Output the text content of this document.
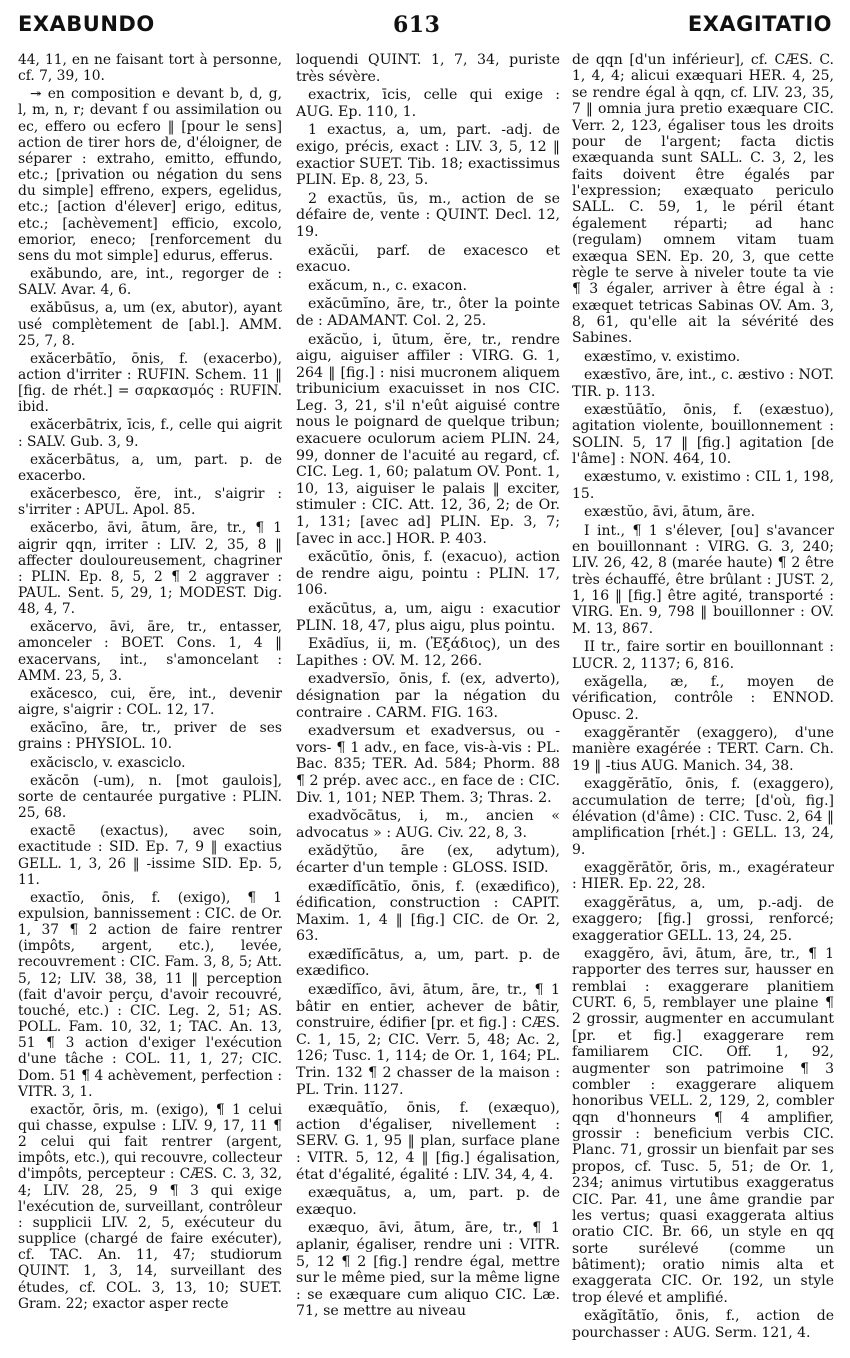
EXABUNDO	613	EXAGITATIO

44, 11, en ne faisant tort à personne, cf. 7, 39, 10.

↠ en composition e devant b, d, g, l, m, n, r; devant f ou assimilation ou ec, effero ou ecfero ‖ [pour le sens] action de tirer hors de, d'éloigner, de séparer : extraho, emitto, effundo, etc.; [privation ou négation du sens du simple] effreno, expers, egelidus, etc.; [action d'élever] erigo, editus, etc.; [achèvement] efficio, excolo, emorior, eneco; [renforcement du sens du mot simple] edurus, efferus.

exăbundo, are, int., regorger de : SALV. Avar. 4, 6.

exăbūsus, a, um (ex, abutor), ayant usé complètement de [abl.]. AMM. 25, 7, 8.

exăcerbātĭo, ōnis, f. (exacerbo), action d'irriter : RUFIN. Schem. 11 ‖ [fig. de rhét.] = σαρκασμός : RUFIN. ibid.

exăcerbātrix, īcis, f., celle qui aigrit : SALV. Gub. 3, 9.

exăcerbātus, a, um, part. p. de exacerbo.

exăcerbesco, ĕre, int., s'aigrir : s'irriter : APUL. Apol. 85.

exăcerbo, āvi, ātum, āre, tr., ¶ 1 aigrir qqn, irriter : LIV. 2, 35, 8 ‖ affecter douloureusement, chagriner : PLIN. Ep. 8, 5, 2 ¶ 2 aggraver : PAUL. Sent. 5, 29, 1; MODEST. Dig. 48, 4, 7.

exăcervo, āvi, āre, tr., entasser, amonceler : BOET. Cons. 1, 4 ‖ exacervans, int., s'amoncelant : AMM. 23, 5, 3.

exăcesco, cui, ĕre, int., devenir aigre, s'aigrir : COL. 12, 17.

exăcīno, āre, tr., priver de ses grains : PHYSIOL. 10.

exăcisclo, v. exasciclo.

exăcōn (-um), n. [mot gaulois], sorte de centaurée purgative : PLIN. 25, 68.

exactē (exactus), avec soin, exactitude : SID. Ep. 7, 9 ‖ exactius GELL. 1, 3, 26 ‖ -issime SID. Ep. 5, 11.

exactĭo, ōnis, f. (exigo), ¶ 1 expulsion, bannissement : CIC. de Or. 1, 37 ¶ 2 action de faire rentrer (impôts, argent, etc.), levée, recouvrement : CIC. Fam. 3, 8, 5; Att. 5, 12; LIV. 38, 38, 11 ‖ perception (fait d'avoir perçu, d'avoir recouvré, touché, etc.) : CIC. Leg. 2, 51; AS. POLL. Fam. 10, 32, 1; TAC. An. 13, 51 ¶ 3 action d'exiger l'exécution d'une tâche : COL. 11, 1, 27; CIC. Dom. 51 ¶ 4 achèvement, perfection : VITR. 3, 1.

exactŏr, ōris, m. (exigo), ¶ 1 celui qui chasse, expulse : LIV. 9, 17, 11 ¶ 2 celui qui fait rentrer (argent, impôts, etc.), qui recouvre, collecteur d'impôts, percepteur : CÆS. C. 3, 32, 4; LIV. 28, 25, 9 ¶ 3 qui exige l'exécution de, surveillant, contrôleur : supplicii LIV. 2, 5, exécuteur du supplice (chargé de faire exécuter), cf. TAC. An. 11, 47; studiorum QUINT. 1, 3, 14, surveillant des études, cf. COL. 3, 13, 10; SUET. Gram. 22; exactor asper recte

loquendi QUINT. 1, 7, 34, puriste très sévère.

exactrix, īcis, celle qui exige : AUG. Ep. 110, 1.

1 exactus, a, um, part. -adj. de exigo, précis, exact : LIV. 3, 5, 12 ‖ exactior SUET. Tib. 18; exactissimus PLIN. Ep. 8, 23, 5.

2 exactŭs, ūs, m., action de se défaire de, vente : QUINT. Decl. 12, 19.

exăcŭi, parf. de exacesco et exacuo.

exăcum, n., c. exacon.

exăcūmĭno, āre, tr., ôter la pointe de : ADAMANT. Col. 2, 25.

exăcŭo, i, ūtum, ĕre, tr., rendre aigu, aiguiser affiler : VIRG. G. 1, 264 ‖ [fig.] : nisi mucronem aliquem tribunicium exacuisset in nos CIC. Leg. 3, 21, s'il n'eût aiguisé contre nous le poignard de quelque tribun; exacuere oculorum aciem PLIN. 24, 99, donner de l'acuité au regard, cf. CIC. Leg. 1, 60; palatum OV. Pont. 1, 10, 13, aiguiser le palais ‖ exciter, stimuler : CIC. Att. 12, 36, 2; de Or. 1, 131; [avec ad] PLIN. Ep. 3, 7; [avec in acc.] HOR. P. 403.

exăcūtĭo, ōnis, f. (exacuo), action de rendre aigu, pointu : PLIN. 17, 106.

exăcūtus, a, um, aigu : exacutior PLIN. 18, 47, plus aigu, plus pointu.

Exādĭus, ii, m. (Ἐξάδιος), un des Lapithes : OV. M. 12, 266.

exadversĭo, ōnis, f. (ex, adverto), désignation par la négation du contraire . CARM. FIG. 163.

exadversum et exadversus, ou -vors- ¶ 1 adv., en face, vis-à-vis : PL. Bac. 835; TER. Ad. 584; Phorm. 88 ¶ 2 prép. avec acc., en face de : CIC. Div. 1, 101; NEP. Them. 3; Thras. 2.

exadvŏcātus, i, m., ancien « advocatus » : AUG. Civ. 22, 8, 3.

exădўtŭo, āre (ex, adytum), écarter d'un temple : GLOSS. ISID.

exædĭfĭcātĭo, ōnis, f. (exædifico), édification, construction : CAPIT. Maxim. 1, 4 ‖ [fig.] CIC. de Or. 2, 63.

exædĭfĭcātus, a, um, part. p. de exædifico.

exædĭfĭco, āvi, ātum, āre, tr., ¶ 1 bâtir en entier, achever de bâtir, construire, édifier [pr. et fig.] : CÆS. C. 1, 15, 2; CIC. Verr. 5, 48; Ac. 2, 126; Tusc. 1, 114; de Or. 1, 164; PL. Trin. 132 ¶ 2 chasser de la maison : PL. Trin. 1127.

exæquātĭo, ōnis, f. (exæquo), action d'égaliser, nivellement : SERV. G. 1, 95 ‖ plan, surface plane : VITR. 5, 12, 4 ‖ [fig.] égalisation, état d'égalité, égalité : LIV. 34, 4, 4.

exæquātus, a, um, part. p. de exæquo.

exæquo, āvi, ātum, āre, tr., ¶ 1 aplanir, égaliser, rendre uni : VITR. 5, 12 ¶ 2 [fig.] rendre égal, mettre sur le même pied, sur la même ligne : se exæquare cum aliquo CIC. Læ. 71, se mettre au niveau

de qqn [d'un inférieur], cf. CÆS. C. 1, 4, 4; alicui exæquari HER. 4, 25, se rendre égal à qqn, cf. LIV. 23, 35, 7 ‖ omnia jura pretio exæquare CIC. Verr. 2, 123, égaliser tous les droits pour de l'argent; facta dictis exæquanda sunt SALL. C. 3, 2, les faits doivent être égalés par l'expression; exæquato periculo SALL. C. 59, 1, le péril étant également réparti; ad hanc (regulam) omnem vitam tuam exæqua SEN. Ep. 20, 3, que cette règle te serve à niveler toute ta vie ¶ 3 égaler, arriver à être égal à : exæquet tetricas Sabinas OV. Am. 3, 8, 61, qu'elle ait la sévérité des Sabines.

exæstĭmo, v. existimo.

exæstīvo, āre, int., c. æstivo : NOT. TIR. p. 113.

exæstŭātĭo, ōnis, f. (exæstuo), agitation violente, bouillonnement : SOLIN. 5, 17 ‖ [fig.] agitation [de l'âme] : NON. 464, 10.

exæstumo, v. existimo : CIL 1, 198, 15.

exæstŭo, āvi, ātum, āre.

I int., ¶ 1 s'élever, [ou] s'avancer en bouillonnant : VIRG. G. 3, 240; LIV. 26, 42, 8 (marée haute) ¶ 2 être très échauffé, être brûlant : JUST. 2, 1, 16 ‖ [fig.] être agité, transporté : VIRG. En. 9, 798 ‖ bouillonner : OV. M. 13, 867.

II tr., faire sortir en bouillonnant : LUCR. 2, 1137; 6, 816.

exăgella, æ, f., moyen de vérification, contrôle : ENNOD. Opusc. 2.

exaggĕrantĕr (exaggero), d'une manière exagérée : TERT. Carn. Ch. 19 ‖ -tius AUG. Manich. 34, 38.

exaggĕrātĭo, ōnis, f. (exaggero), accumulation de terre; [d'où, fig.] élévation (d'âme) : CIC. Tusc. 2, 64 ‖ amplification [rhét.] : GELL. 13, 24, 9.

exaggĕrātŏr, ōris, m., exagérateur : HIER. Ep. 22, 28.

exaggĕrātus, a, um, p.-adj. de exaggero; [fig.] grossi, renforcé; exaggeratior GELL. 13, 24, 25.

exaggĕro, āvi, ātum, āre, tr., ¶ 1 rapporter des terres sur, hausser en remblai : exaggerare planitiem CURT. 6, 5, remblayer une plaine ¶ 2 grossir, augmenter en accumulant [pr. et fig.] exaggerare rem familiarem CIC. Off. 1, 92, augmenter son patrimoine ¶ 3 combler : exaggerare aliquem honoribus VELL. 2, 129, 2, combler qqn d'honneurs ¶ 4 amplifier, grossir : beneficium verbis CIC. Planc. 71, grossir un bienfait par ses propos, cf. Tusc. 5, 51; de Or. 1, 234; animus virtutibus exaggeratus CIC. Par. 41, une âme grandie par les vertus; quasi exaggerata altius oratio CIC. Br. 66, un style en qq sorte surélevé (comme un bâtiment); oratio nimis alta et exaggerata CIC. Or. 192, un style trop élevé et amplifié.

exăgĭtātĭo, ōnis, f., action de pourchasser : AUG. Serm. 121, 4.
